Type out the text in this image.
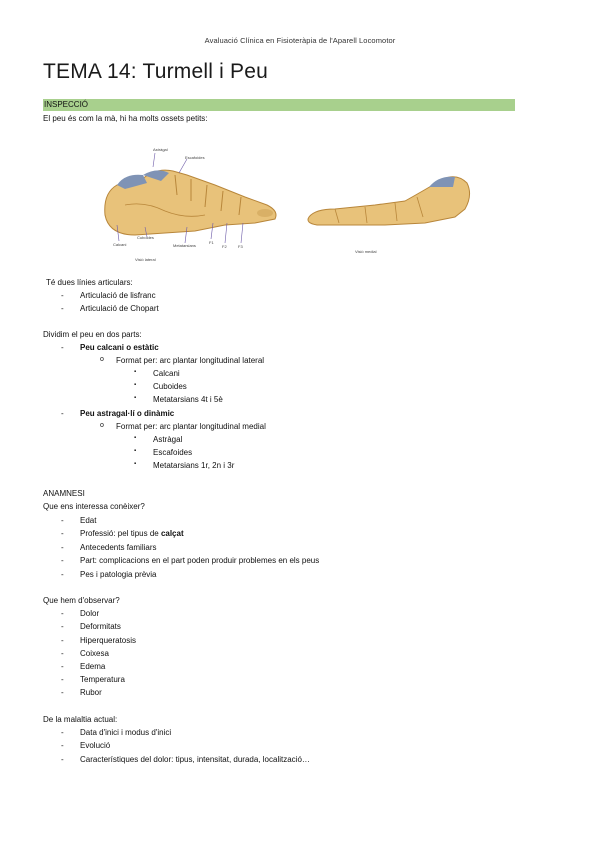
Avaluació Clínica en Fisioteràpia de l'Aparell Locomotor
TEMA 14: Turmell i Peu
INSPECCIÓ
El peu és com la mà, hi ha molts ossets petits:
Astràgal
Escafoides
Calcani
Cuboides
Metatarsians
F1
F2	F3
Visió lateral
Visió medial
Té dues línies articulars:
- Articulació de lisfranc
- Articulació de Chopart
Dividim el peu en dos parts:
- Peu calcani o estàtic
o Format per: arc plantar longitudinal lateral
▪ Calcani
▪ Cuboides
▪ Metatarsians 4t i 5è
- Peu astragal·lí o dinàmic
o Format per: arc plantar longitudinal medial
▪ Astràgal
▪ Escafoides
▪ Metatarsians 1r, 2n i 3r
ANAMNESI
Que ens interessa conèixer?
- Edat
- Professió: pel tipus de calçat
- Antecedents familiars
- Part: complicacions en el part poden produir problemes en els peus
- Pes i patologia prèvia
Que hem d'observar?
- Dolor
- Deformitats
- Hiperqueratosis
- Coixesa
- Edema
- Temperatura
- Rubor
De la malaltia actual:
- Data d'inici i modus d'inici
- Evolució
- Característiques del dolor: tipus, intensitat, durada, localització…
